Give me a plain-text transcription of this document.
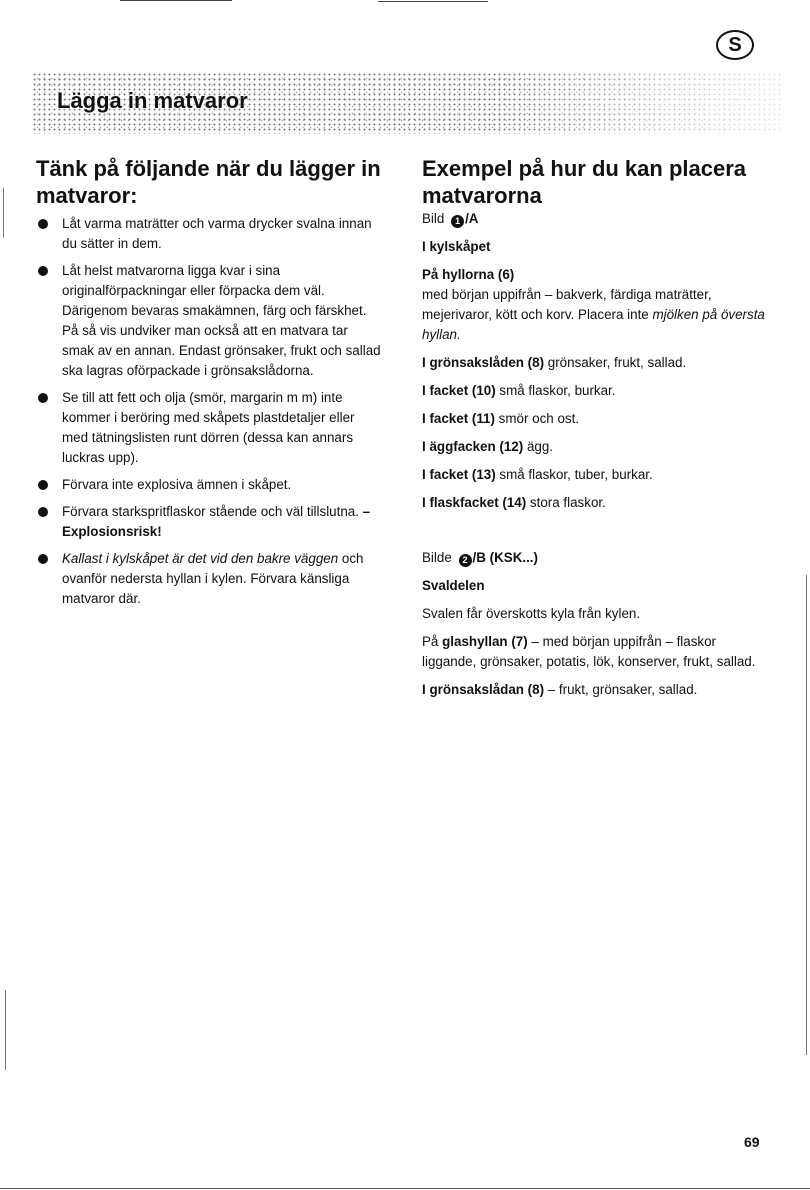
S
Lägga in matvaror
Tänk på följande när du lägger in matvaror:
Låt varma maträtter och varma drycker svalna innan du sätter in dem.
Låt helst matvarorna ligga kvar i sina originalförpackningar eller förpacka dem väl. Därigenom bevaras smakämnen, färg och färskhet. På så vis undviker man också att en matvara tar smak av en annan. Endast grönsaker, frukt och sallad ska lagras oförpackade i grönsakslådorna.
Se till att fett och olja (smör, margarin m m) inte kommer i beröring med skåpets plastdetaljer eller med tätningslisten runt dörren (dessa kan annars luckras upp).
Förvara inte explosiva ämnen i skåpet.
Förvara starkspritflaskor stående och väl tillslutna. – Explosionsrisk!
Kallast i kylskåpet är det vid den bakre väggen och ovanför nedersta hyllan i kylen. Förvara känsliga matvaror där.
Exempel på hur du kan placera matvarorna
Bild 1 /A
I kylskåpet
På hyllorna (6)
med början uppifrån – bakverk, färdiga maträtter, mejerivaror, kött och korv. Placera inte mjölken på översta hyllan.
I grönsakslåden (8) grönsaker, frukt, sallad.
I facket (10) små flaskor, burkar.
I facket (11) smör och ost.
I äggfacken (12) ägg.
I facket (13) små flaskor, tuber, burkar.
I flaskfacket (14) stora flaskor.
Bilde 2 /B (KSK...)
Svaldelen
Svalen får överskotts kyla från kylen.
På glashyllan (7) – med början uppifrån – flaskor liggande, grönsaker, potatis, lök, konserver, frukt, sallad.
I grönsakslådan (8) – frukt, grönsaker, sallad.
69
